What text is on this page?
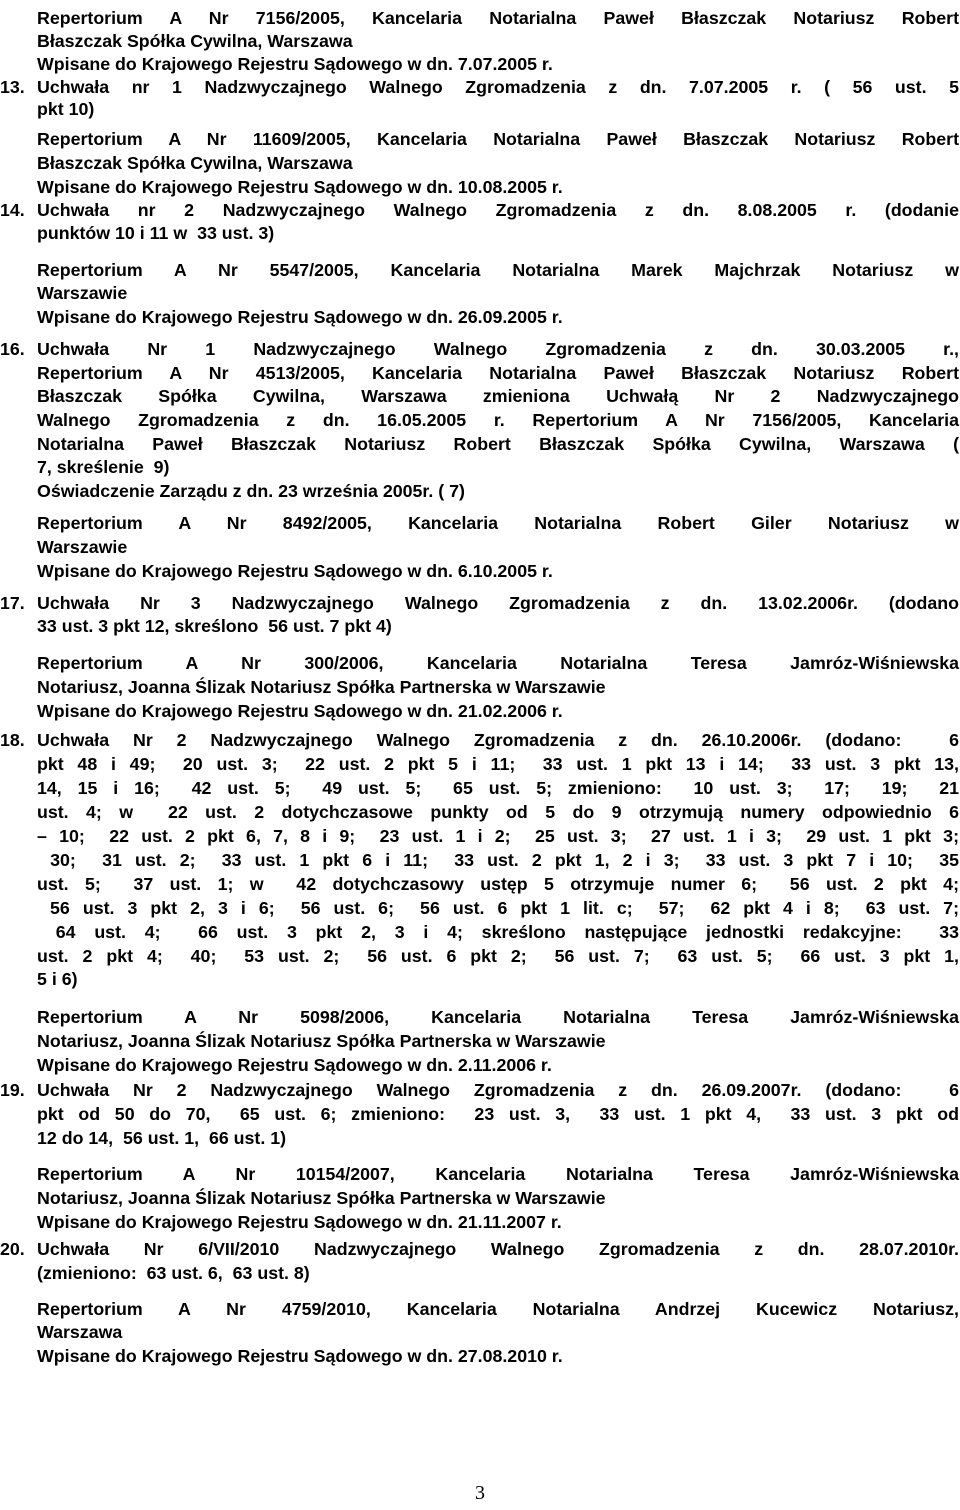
Repertorium A Nr 7156/2005, Kancelaria Notarialna Paweł Błaszczak Notariusz Robert
Błaszczak Spółka Cywilna, Warszawa
Wpisane do Krajowego Rejestru Sądowego w dn. 7.07.2005 r.
Uchwała nr 1 Nadzwyczajnego Walnego Zgromadzenia z dn. 7.07.2005 r. ( 56 ust. 5
pkt 10)
Repertorium A Nr 11609/2005, Kancelaria Notarialna Paweł Błaszczak Notariusz Robert
Błaszczak Spółka Cywilna, Warszawa
Wpisane do Krajowego Rejestru Sądowego w dn. 10.08.2005 r.
Uchwała nr 2 Nadzwyczajnego Walnego Zgromadzenia z dn. 8.08.2005 r. (dodanie
punktów 10 i 11 w  33 ust. 3)
Repertorium A Nr 5547/2005, Kancelaria Notarialna Marek Majchrzak Notariusz w
Warszawie
Wpisane do Krajowego Rejestru Sądowego w dn. 26.09.2005 r.
Uchwała Nr 1 Nadzwyczajnego Walnego Zgromadzenia z dn. 30.03.2005 r.,
Repertorium A Nr 4513/2005, Kancelaria Notarialna Paweł Błaszczak Notariusz Robert
Błaszczak Spółka Cywilna, Warszawa zmieniona Uchwałą Nr 2 Nadzwyczajnego
Walnego Zgromadzenia z dn. 16.05.2005 r. Repertorium A Nr 7156/2005, Kancelaria
Notarialna Paweł Błaszczak Notariusz Robert Błaszczak Spółka Cywilna, Warszawa (
7, skreślenie  9)
Oświadczenie Zarządu z dn. 23 września 2005r. ( 7)
Repertorium A Nr 8492/2005, Kancelaria Notarialna Robert Giler Notariusz w
Warszawie
Wpisane do Krajowego Rejestru Sądowego w dn. 6.10.2005 r.
Uchwała Nr 3 Nadzwyczajnego Walnego Zgromadzenia z dn. 13.02.2006r. (dodano
33 ust. 3 pkt 12, skreślono  56 ust. 7 pkt 4)
Repertorium A Nr 300/2006, Kancelaria Notarialna Teresa Jamróz-Wiśniewska
Notariusz, Joanna Ślizak Notariusz Spółka Partnerska w Warszawie
Wpisane do Krajowego Rejestru Sądowego w dn. 21.02.2006 r.
Uchwała Nr 2 Nadzwyczajnego Walnego Zgromadzenia z dn. 26.10.2006r. (dodano:  6
pkt 48 i 49;  20 ust. 3;  22 ust. 2 pkt 5 i 11;  33 ust. 1 pkt 13 i 14;  33 ust. 3 pkt 13,
14, 15 i 16;  42 ust. 5;  49 ust. 5;  65 ust. 5; zmieniono:  10 ust. 3;  17;  19;  21
ust. 4; w  22 ust. 2 dotychczasowe punkty od 5 do 9 otrzymują numery odpowiednio 6
– 10;  22 ust. 2 pkt 6, 7, 8 i 9;  23 ust. 1 i 2;  25 ust. 3;  27 ust. 1 i 3;  29 ust. 1 pkt 3;
30;  31 ust. 2;  33 ust. 1 pkt 6 i 11;  33 ust. 2 pkt 1, 2 i 3;  33 ust. 3 pkt 7 i 10;  35
ust. 5;  37 ust. 1; w  42 dotychczasowy ustęp 5 otrzymuje numer 6;  56 ust. 2 pkt 4;
56 ust. 3 pkt 2, 3 i 6;  56 ust. 6;  56 ust. 6 pkt 1 lit. c;  57;  62 pkt 4 i 8;  63 ust. 7;
64 ust. 4;  66 ust. 3 pkt 2, 3 i 4; skreślono następujące jednostki redakcyjne:  33
ust. 2 pkt 4;  40;  53 ust. 2;  56 ust. 6 pkt 2;  56 ust. 7;  63 ust. 5;  66 ust. 3 pkt 1,
5 i 6)
Repertorium A Nr 5098/2006, Kancelaria Notarialna Teresa Jamróz-Wiśniewska
Notariusz, Joanna Ślizak Notariusz Spółka Partnerska w Warszawie
Wpisane do Krajowego Rejestru Sądowego w dn. 2.11.2006 r.
Uchwała Nr 2 Nadzwyczajnego Walnego Zgromadzenia z dn. 26.09.2007r. (dodano:  6
pkt od 50 do 70,  65 ust. 6; zmieniono:  23 ust. 3,  33 ust. 1 pkt 4,  33 ust. 3 pkt od
12 do 14,  56 ust. 1,  66 ust. 1)
Repertorium A Nr 10154/2007, Kancelaria Notarialna Teresa Jamróz-Wiśniewska
Notariusz, Joanna Ślizak Notariusz Spółka Partnerska w Warszawie
Wpisane do Krajowego Rejestru Sądowego w dn. 21.11.2007 r.
Uchwała Nr 6/VII/2010 Nadzwyczajnego Walnego Zgromadzenia z dn. 28.07.2010r.
(zmieniono:  63 ust. 6,  63 ust. 8)
Repertorium A Nr 4759/2010, Kancelaria Notarialna Andrzej Kucewicz Notariusz,
Warszawa
Wpisane do Krajowego Rejestru Sądowego w dn. 27.08.2010 r.
13.
14.
16.
17.
18.
19.
20.
3
